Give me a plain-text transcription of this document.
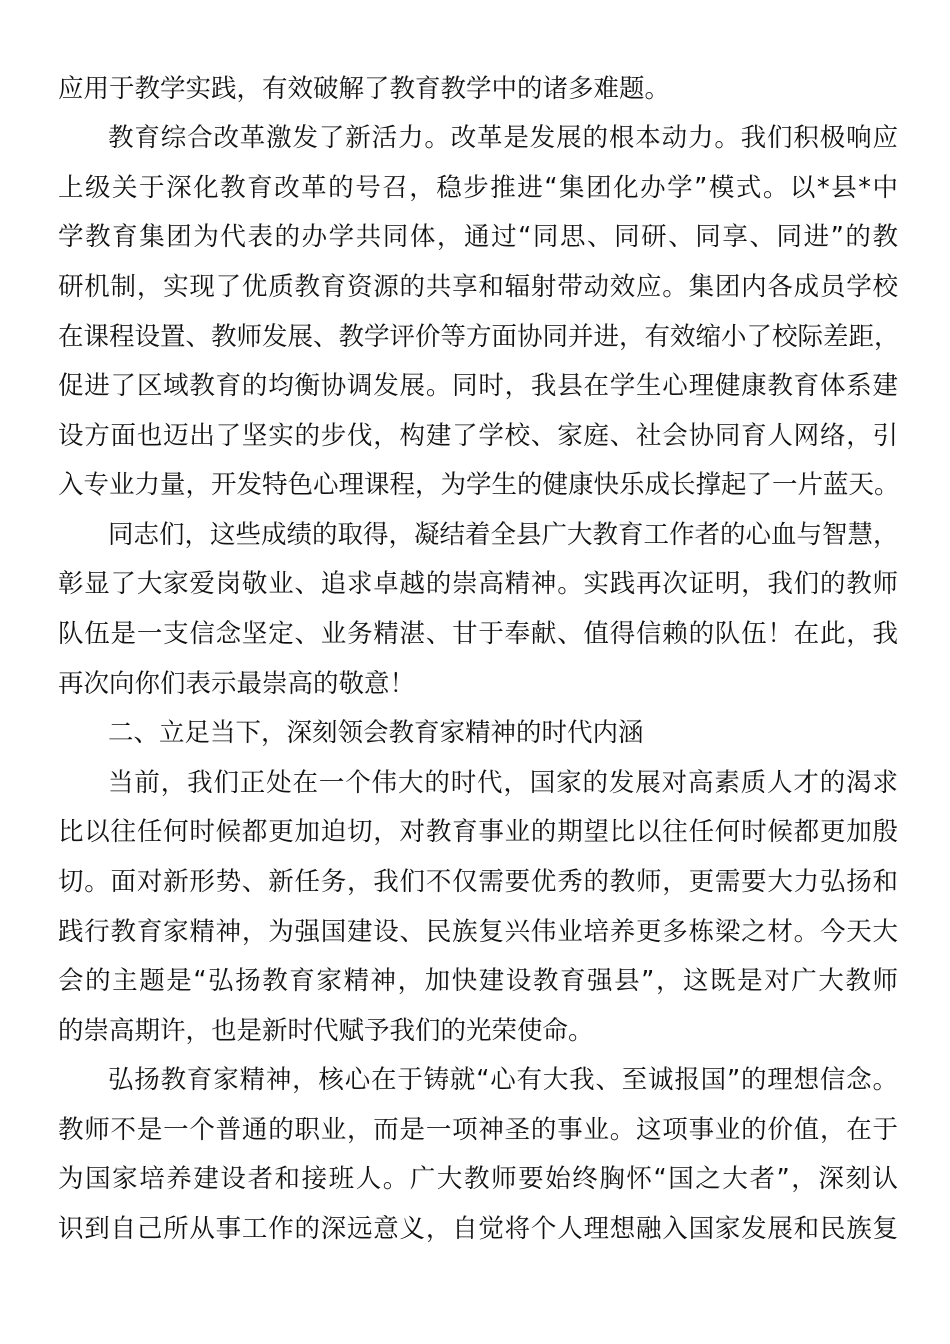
应用于教学实践，有效破解了教育教学中的诸多难题。
教育综合改革激发了新活力。改革是发展的根本动力。我们积极响应
上级关于深化教育改革的号召，稳步推进“集团化办学”模式。以*县*中
学教育集团为代表的办学共同体，通过“同思、同研、同享、同进”的教
研机制，实现了优质教育资源的共享和辐射带动效应。集团内各成员学校
在课程设置、教师发展、教学评价等方面协同并进，有效缩小了校际差距，
促进了区域教育的均衡协调发展。同时，我县在学生心理健康教育体系建
设方面也迈出了坚实的步伐，构建了学校、家庭、社会协同育人网络，引
入专业力量，开发特色心理课程，为学生的健康快乐成长撑起了一片蓝天。
同志们，这些成绩的取得，凝结着全县广大教育工作者的心血与智慧，
彰显了大家爱岗敬业、追求卓越的崇高精神。实践再次证明，我们的教师
队伍是一支信念坚定、业务精湛、甘于奉献、值得信赖的队伍！在此，我
再次向你们表示最崇高的敬意！
二、立足当下，深刻领会教育家精神的时代内涵
当前，我们正处在一个伟大的时代，国家的发展对高素质人才的渴求
比以往任何时候都更加迫切，对教育事业的期望比以往任何时候都更加殷
切。面对新形势、新任务，我们不仅需要优秀的教师，更需要大力弘扬和
践行教育家精神，为强国建设、民族复兴伟业培养更多栋梁之材。今天大
会的主题是“弘扬教育家精神，加快建设教育强县”，这既是对广大教师
的崇高期许，也是新时代赋予我们的光荣使命。
弘扬教育家精神，核心在于铸就“心有大我、至诚报国”的理想信念。
教师不是一个普通的职业，而是一项神圣的事业。这项事业的价值，在于
为国家培养建设者和接班人。广大教师要始终胸怀“国之大者”，深刻认
识到自己所从事工作的深远意义，自觉将个人理想融入国家发展和民族复
